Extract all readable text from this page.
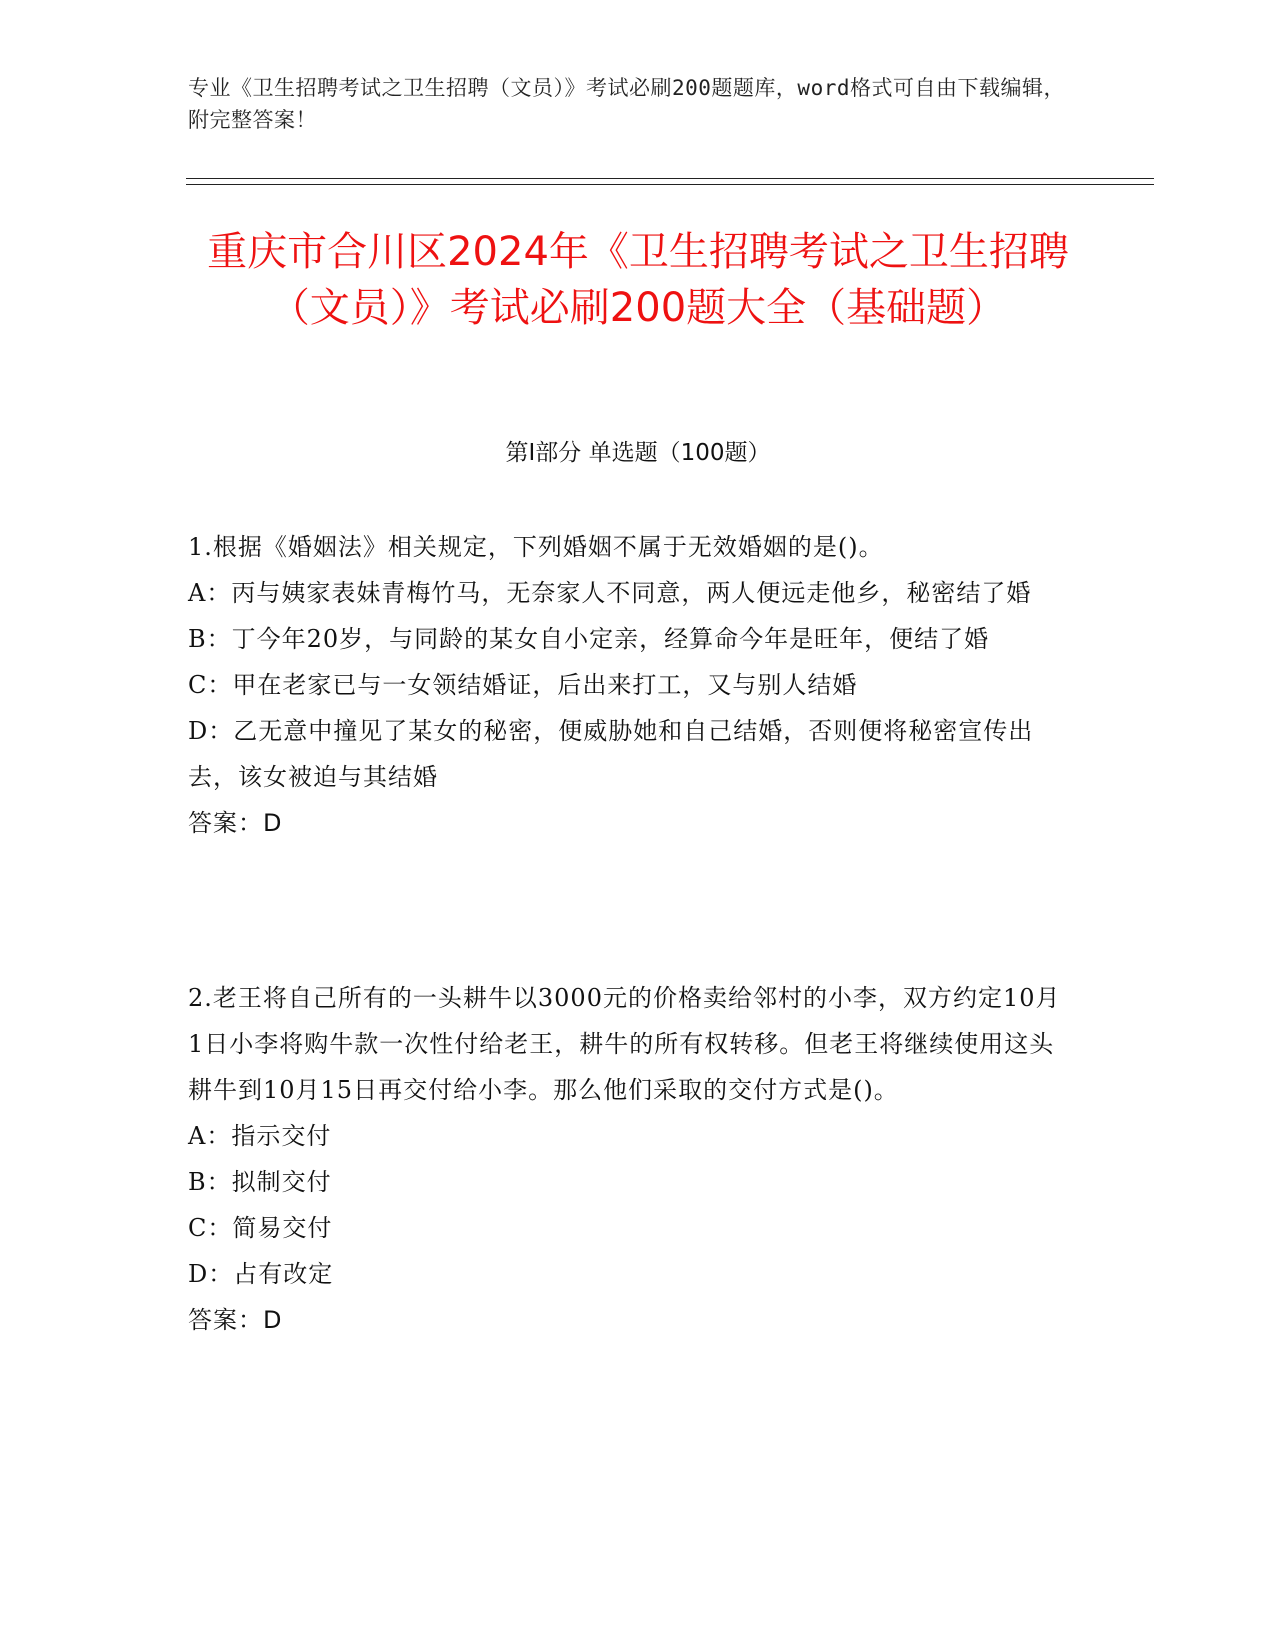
专业《卫生招聘考试之卫生招聘（文员）》考试必刷200题题库，word格式可自由下载编辑，附完整答案！
重庆市合川区2024年《卫生招聘考试之卫生招聘（文员）》考试必刷200题大全（基础题）
第I部分 单选题（100题）

1.根据《婚姻法》相关规定，下列婚姻不属于无效婚姻的是()。

A：丙与姨家表妹青梅竹马，无奈家人不同意，两人便远走他乡，秘密结了婚

B：丁今年20岁，与同龄的某女自小定亲，经算命今年是旺年，便结了婚

C：甲在老家已与一女领结婚证，后出来打工，又与别人结婚

D：乙无意中撞见了某女的秘密，便威胁她和自己结婚，否则便将秘密宣传出去，该女被迫与其结婚

答案：D

2.老王将自己所有的一头耕牛以3000元的价格卖给邻村的小李，双方约定10月1日小李将购牛款一次性付给老王，耕牛的所有权转移。但老王将继续使用这头耕牛到10月15日再交付给小李。那么他们采取的交付方式是()。

A：指示交付

B：拟制交付

C：简易交付

D：占有改定

答案：D
